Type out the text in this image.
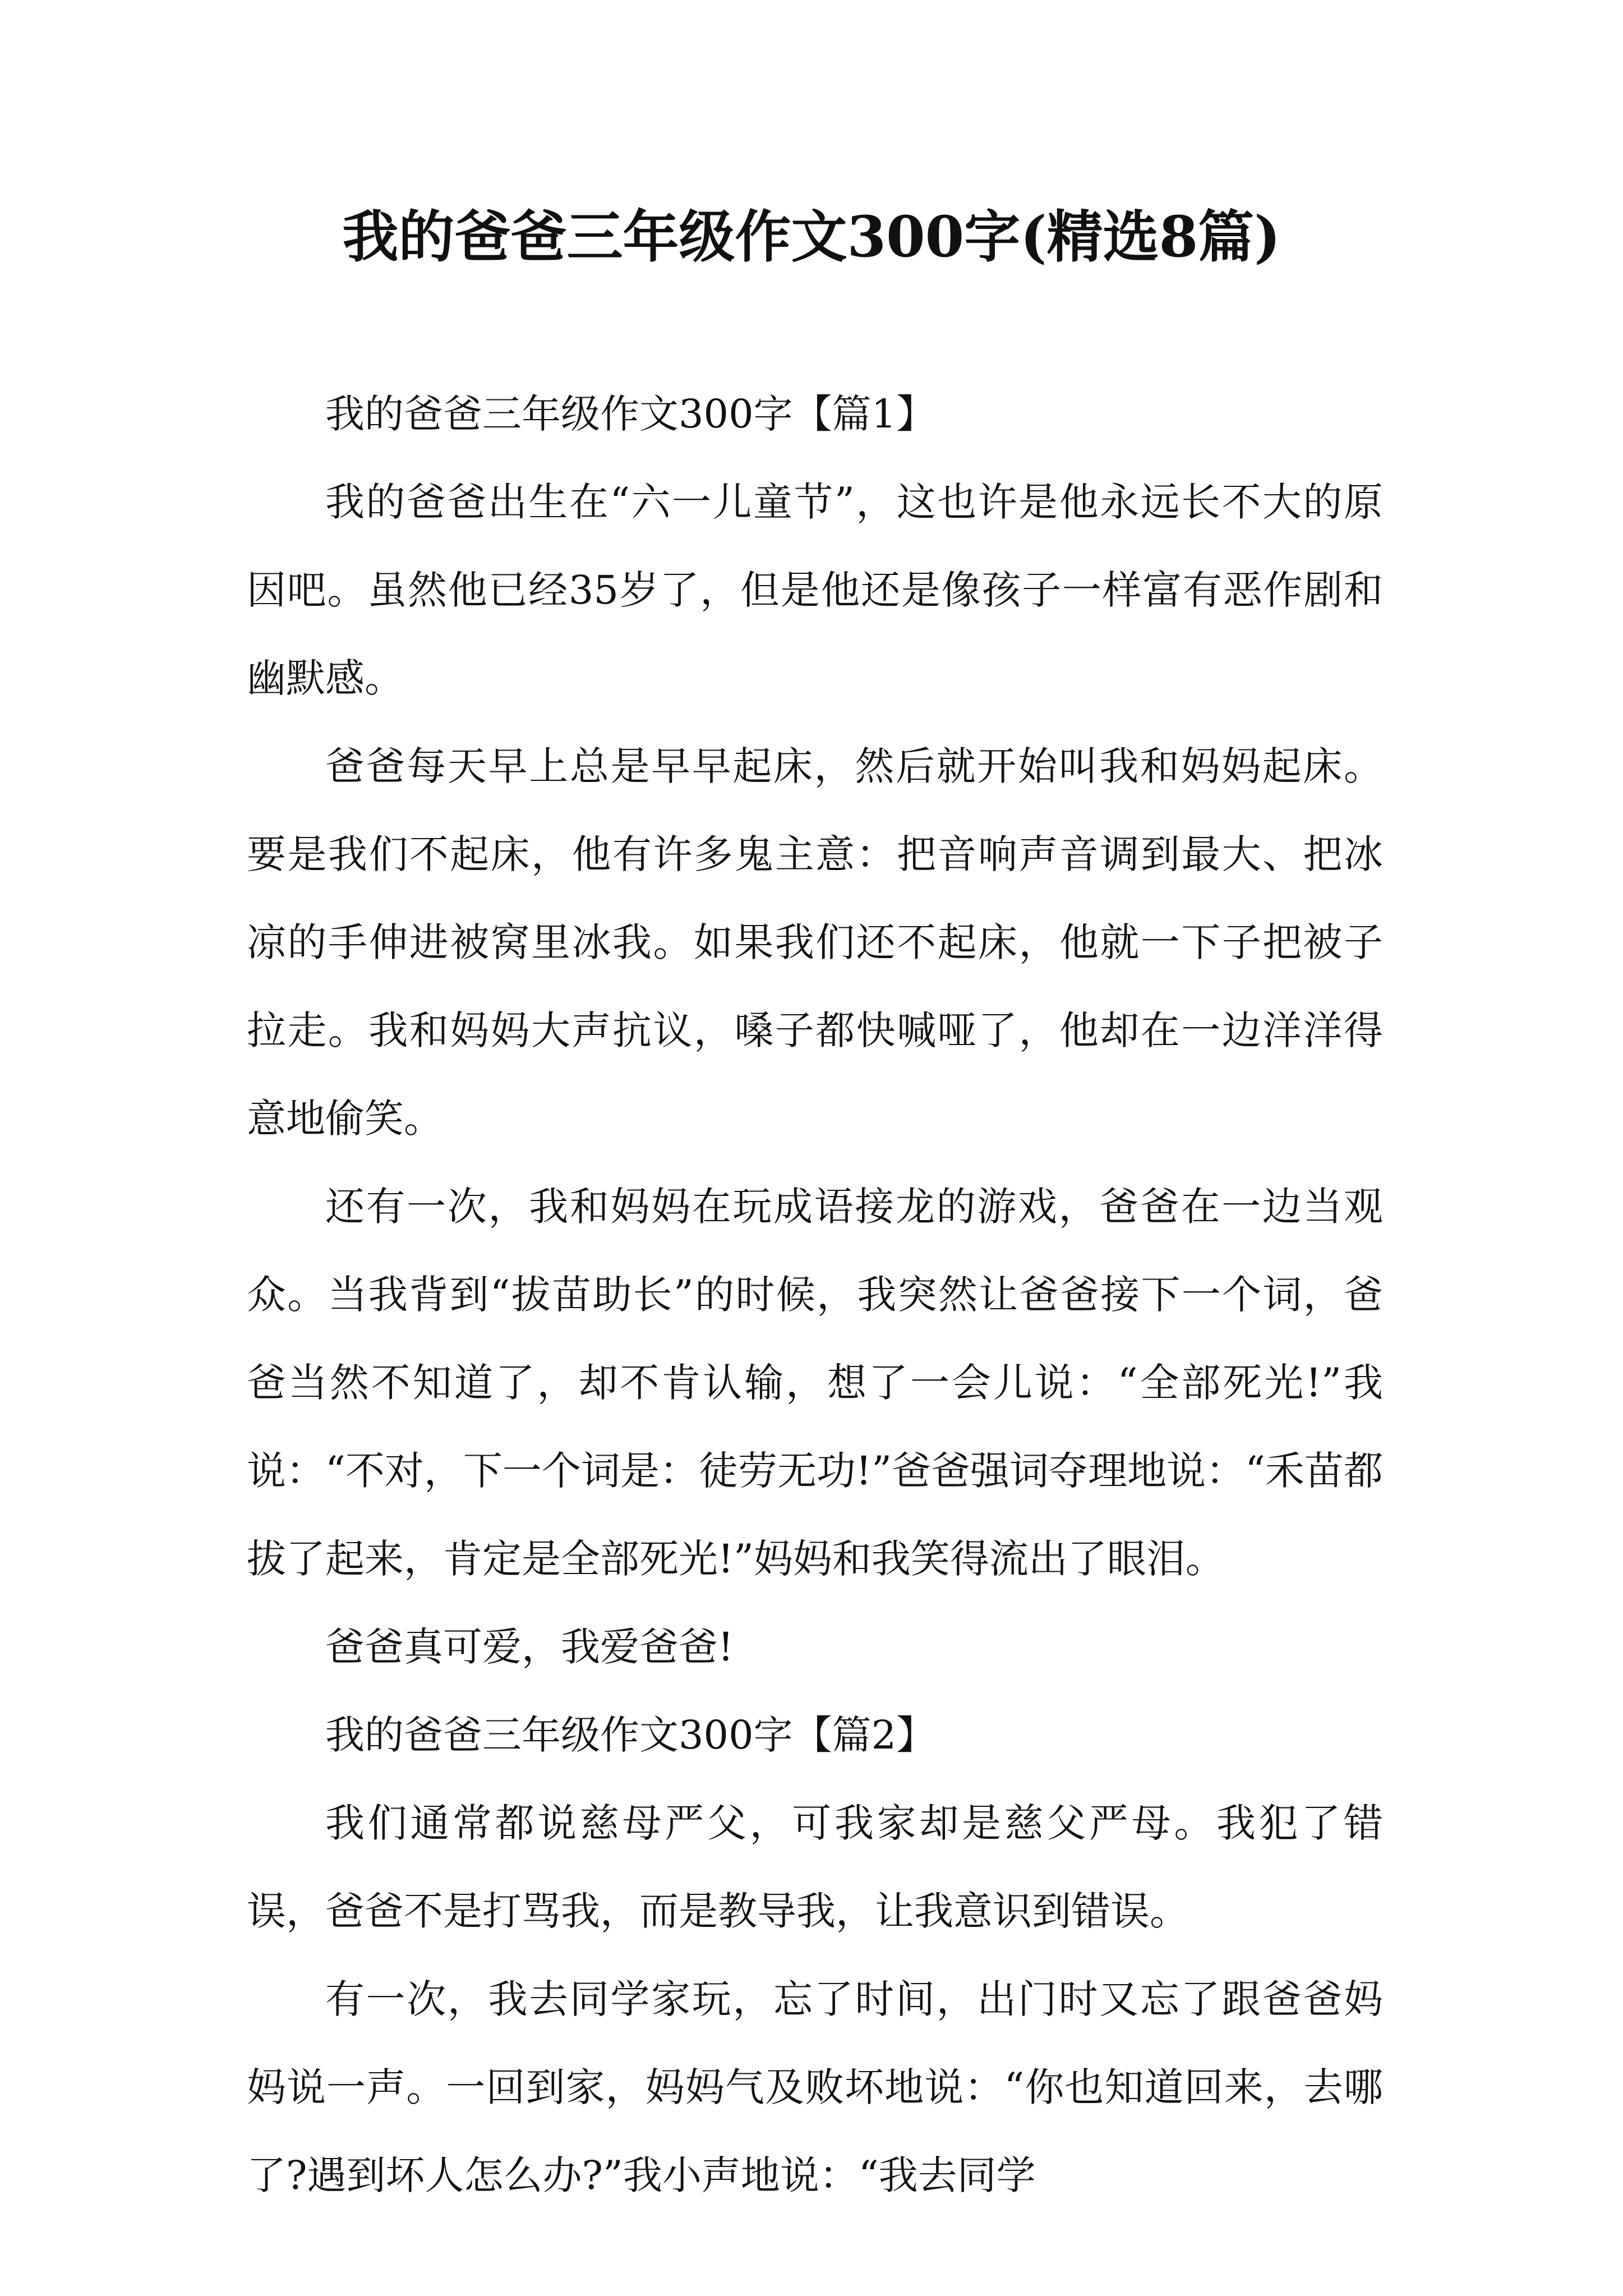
我的爸爸三年级作文300字(精选8篇)

我的爸爸三年级作文300字【篇1】

我的爸爸出生在“六一儿童节”，这也许是他永远长不大的原因吧。虽然他已经35岁了，但是他还是像孩子一样富有恶作剧和幽默感。

爸爸每天早上总是早早起床，然后就开始叫我和妈妈起床。要是我们不起床，他有许多鬼主意：把音响声音调到最大、把冰凉的手伸进被窝里冰我。如果我们还不起床，他就一下子把被子拉走。我和妈妈大声抗议，嗓子都快喊哑了，他却在一边洋洋得意地偷笑。

还有一次，我和妈妈在玩成语接龙的游戏，爸爸在一边当观众。当我背到“拔苗助长”的时候，我突然让爸爸接下一个词，爸爸当然不知道了，却不肯认输，想了一会儿说：“全部死光!”我说：“不对，下一个词是：徒劳无功!”爸爸强词夺理地说：“禾苗都拔了起来，肯定是全部死光!”妈妈和我笑得流出了眼泪。

爸爸真可爱，我爱爸爸!

我的爸爸三年级作文300字【篇2】

我们通常都说慈母严父，可我家却是慈父严母。我犯了错误，爸爸不是打骂我，而是教导我，让我意识到错误。

有一次，我去同学家玩，忘了时间，出门时又忘了跟爸爸妈妈说一声。一回到家，妈妈气及败坏地说：“你也知道回来，去哪了?遇到坏人怎么办?”我小声地说：“我去同学
